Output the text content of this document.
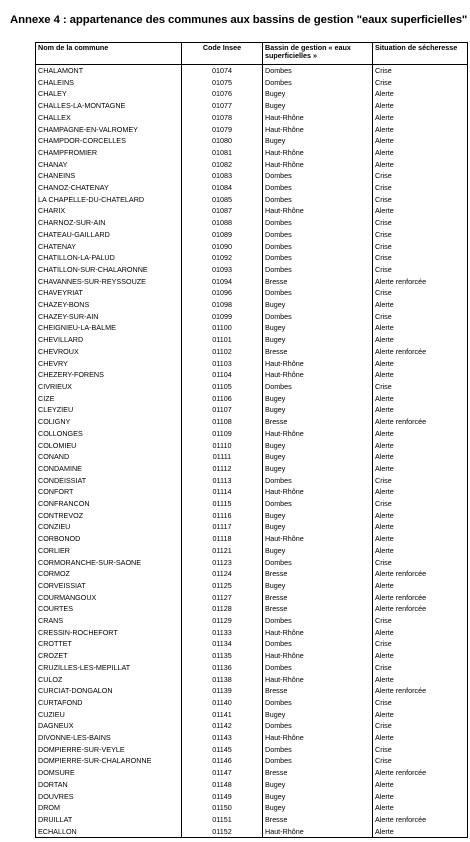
Annexe 4 : appartenance des communes aux bassins de gestion "eaux superficielles"
Nom de la commune	Code Insee	Bassin de gestion « eaux superficielles »	Situation de sécheresse
CHALAMONT	01074	Dombes	Crise
CHALEINS	01075	Dombes	Crise
CHALEY	01076	Bugey	Alerte
CHALLES-LA-MONTAGNE	01077	Bugey	Alerte
CHALLEX	01078	Haut-Rhône	Alerte
CHAMPAGNE-EN-VALROMEY	01079	Haut-Rhône	Alerte
CHAMPDOR-CORCELLES	01080	Bugey	Alerte
CHAMPFROMIER	01081	Haut-Rhône	Alerte
CHANAY	01082	Haut-Rhône	Alerte
CHANEINS	01083	Dombes	Crise
CHANOZ-CHATENAY	01084	Dombes	Crise
LA CHAPELLE-DU-CHATELARD	01085	Dombes	Crise
CHARIX	01087	Haut-Rhône	Alerte
CHARNOZ-SUR-AIN	01088	Dombes	Crise
CHATEAU-GAILLARD	01089	Dombes	Crise
CHATENAY	01090	Dombes	Crise
CHATILLON-LA-PALUD	01092	Dombes	Crise
CHATILLON-SUR-CHALARONNE	01093	Dombes	Crise
CHAVANNES-SUR-REYSSOUZE	01094	Bresse	Alerte renforcée
CHAVEYRIAT	01096	Dombes	Crise
CHAZEY-BONS	01098	Bugey	Alerte
CHAZEY-SUR-AIN	01099	Dombes	Crise
CHEIGNIEU-LA-BALME	01100	Bugey	Alerte
CHEVILLARD	01101	Bugey	Alerte
CHEVROUX	01102	Bresse	Alerte renforcée
CHEVRY	01103	Haut-Rhône	Alerte
CHEZERY-FORENS	01104	Haut-Rhône	Alerte
CIVRIEUX	01105	Dombes	Crise
CIZE	01106	Bugey	Alerte
CLEYZIEU	01107	Bugey	Alerte
COLIGNY	01108	Bresse	Alerte renforcée
COLLONGES	01109	Haut-Rhône	Alerte
COLOMIEU	01110	Bugey	Alerte
CONAND	01111	Bugey	Alerte
CONDAMINE	01112	Bugey	Alerte
CONDEISSIAT	01113	Dombes	Crise
CONFORT	01114	Haut-Rhône	Alerte
CONFRANCON	01115	Dombes	Crise
CONTREVOZ	01116	Bugey	Alerte
CONZIEU	01117	Bugey	Alerte
CORBONOD	01118	Haut-Rhône	Alerte
CORLIER	01121	Bugey	Alerte
CORMORANCHE-SUR-SAONE	01123	Dombes	Crise
CORMOZ	01124	Bresse	Alerte renforcée
CORVEISSIAT	01125	Bugey	Alerte
COURMANGOUX	01127	Bresse	Alerte renforcée
COURTES	01128	Bresse	Alerte renforcée
CRANS	01129	Dombes	Crise
CRESSIN-ROCHEFORT	01133	Haut-Rhône	Alerte
CROTTET	01134	Dombes	Crise
CROZET	01135	Haut-Rhône	Alerte
CRUZILLES-LES-MEPILLAT	01136	Dombes	Crise
CULOZ	01138	Haut-Rhône	Alerte
CURCIAT-DONGALON	01139	Bresse	Alerte renforcée
CURTAFOND	01140	Dombes	Crise
CUZIEU	01141	Bugey	Alerte
DAGNEUX	01142	Dombes	Crise
DIVONNE-LES-BAINS	01143	Haut-Rhône	Alerte
DOMPIERRE-SUR-VEYLE	01145	Dombes	Crise
DOMPIERRE-SUR-CHALARONNE	01146	Dombes	Crise
DOMSURE	01147	Bresse	Alerte renforcée
DORTAN	01148	Bugey	Alerte
DOUVRES	01149	Bugey	Alerte
DROM	01150	Bugey	Alerte
DRUILLAT	01151	Bresse	Alerte renforcée
ECHALLON	01152	Haut-Rhône	Alerte
